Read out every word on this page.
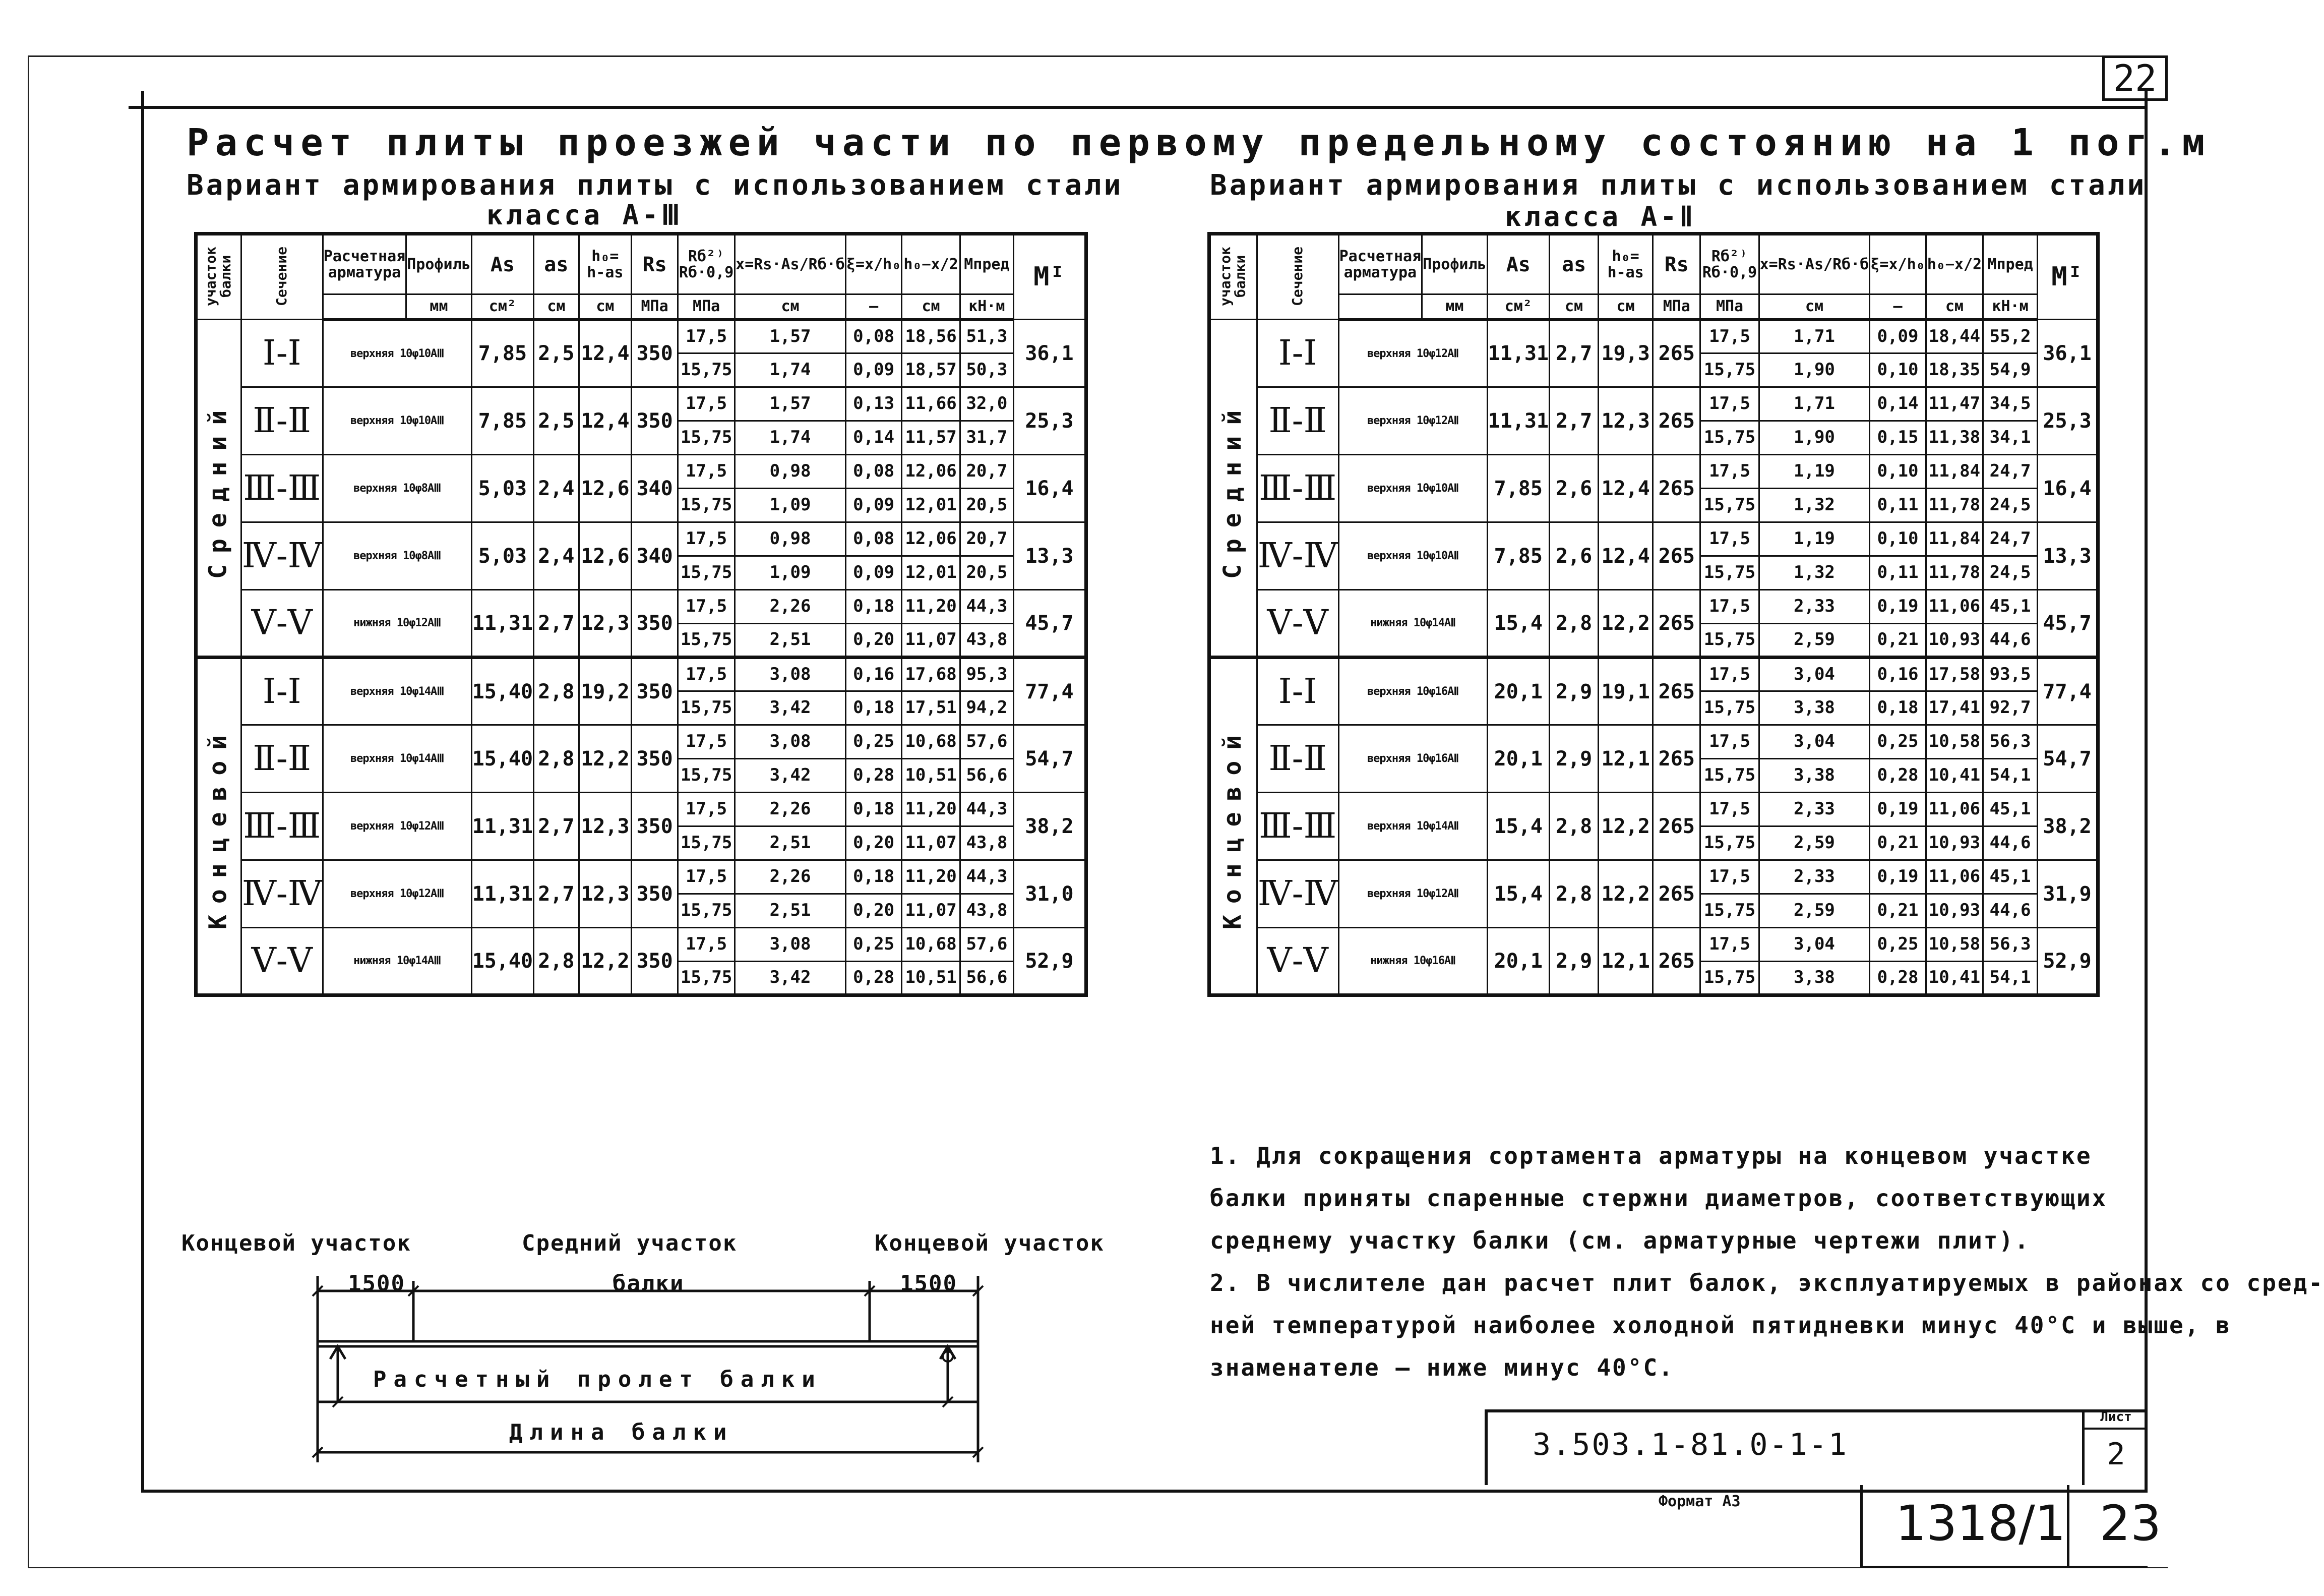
22
Расчет плиты проезжей части по первому предельному состоянию на 1 пог.м
Вариант армирования плиты с использованием стали
класса А-Ⅲ
Вариант армирования плиты с использованием стали
класса А-Ⅱ
участок балки	Сечение	Расчетная арматура	Профиль	As	as	h₀= h-as	Rs	Rб²⁾ Rб·0,9	x=Rs·As/Rб·б	ξ=x/h₀	h₀−x/2	Mпред	Mᴵ
			мм	см²	см	см	МПа	МПа	см	—	см	кН·м	
Средний	Ⅰ-Ⅰ	верхняя 10φ10АⅢ		7,85	2,5	12,4	350	17,5	1,57	0,08	18,56	51,3	36,1
								15,75	1,74	0,09	18,57	50,3	
	Ⅱ-Ⅱ	верхняя 10φ10АⅢ		7,85	2,5	12,4	350	17,5	1,57	0,13	11,66	32,0	25,3
								15,75	1,74	0,14	11,57	31,7	
	Ⅲ-Ⅲ	верхняя 10φ8АⅢ		5,03	2,4	12,6	340	17,5	0,98	0,08	12,06	20,7	16,4
								15,75	1,09	0,09	12,01	20,5	
	Ⅳ-Ⅳ	верхняя 10φ8АⅢ		5,03	2,4	12,6	340	17,5	0,98	0,08	12,06	20,7	13,3
								15,75	1,09	0,09	12,01	20,5	
	Ⅴ-Ⅴ	нижняя 10φ12АⅢ		11,31	2,7	12,3	350	17,5	2,26	0,18	11,20	44,3	45,7
								15,75	2,51	0,20	11,07	43,8	
Концевой	Ⅰ-Ⅰ	верхняя 10φ14АⅢ		15,40	2,8	19,2	350	17,5	3,08	0,16	17,68	95,3	77,4
								15,75	3,42	0,18	17,51	94,2	
	Ⅱ-Ⅱ	верхняя 10φ14АⅢ		15,40	2,8	12,2	350	17,5	3,08	0,25	10,68	57,6	54,7
								15,75	3,42	0,28	10,51	56,6	
	Ⅲ-Ⅲ	верхняя 10φ12АⅢ		11,31	2,7	12,3	350	17,5	2,26	0,18	11,20	44,3	38,2
								15,75	2,51	0,20	11,07	43,8	
	Ⅳ-Ⅳ	верхняя 10φ12АⅢ		11,31	2,7	12,3	350	17,5	2,26	0,18	11,20	44,3	31,0
								15,75	2,51	0,20	11,07	43,8	
	Ⅴ-Ⅴ	нижняя 10φ14АⅢ		15,40	2,8	12,2	350	17,5	3,08	0,25	10,68	57,6	52,9
								15,75	3,42	0,28	10,51	56,6	
участок балки	Сечение	Расчетная арматура	Профиль	As	as	h₀= h-as	Rs	Rб²⁾ Rб·0,9	x=Rs·As/Rб·б	ξ=x/h₀	h₀−x/2	Mпред	Mᴵ
			мм	см²	см	см	МПа	МПа	см	—	см	кН·м	
Средний	Ⅰ-Ⅰ	верхняя 10φ12АⅡ		11,31	2,7	19,3	265	17,5	1,71	0,09	18,44	55,2	36,1
								15,75	1,90	0,10	18,35	54,9	
	Ⅱ-Ⅱ	верхняя 10φ12АⅡ		11,31	2,7	12,3	265	17,5	1,71	0,14	11,47	34,5	25,3
								15,75	1,90	0,15	11,38	34,1	
	Ⅲ-Ⅲ	верхняя 10φ10АⅡ		7,85	2,6	12,4	265	17,5	1,19	0,10	11,84	24,7	16,4
								15,75	1,32	0,11	11,78	24,5	
	Ⅳ-Ⅳ	верхняя 10φ10АⅡ		7,85	2,6	12,4	265	17,5	1,19	0,10	11,84	24,7	13,3
								15,75	1,32	0,11	11,78	24,5	
	Ⅴ-Ⅴ	нижняя 10φ14АⅡ		15,4	2,8	12,2	265	17,5	2,33	0,19	11,06	45,1	45,7
								15,75	2,59	0,21	10,93	44,6	
Концевой	Ⅰ-Ⅰ	верхняя 10φ16АⅡ		20,1	2,9	19,1	265	17,5	3,04	0,16	17,58	93,5	77,4
								15,75	3,38	0,18	17,41	92,7	
	Ⅱ-Ⅱ	верхняя 10φ16АⅡ		20,1	2,9	12,1	265	17,5	3,04	0,25	10,58	56,3	54,7
								15,75	3,38	0,28	10,41	54,1	
	Ⅲ-Ⅲ	верхняя 10φ14АⅡ		15,4	2,8	12,2	265	17,5	2,33	0,19	11,06	45,1	38,2
								15,75	2,59	0,21	10,93	44,6	
	Ⅳ-Ⅳ	верхняя 10φ12АⅡ		15,4	2,8	12,2	265	17,5	2,33	0,19	11,06	45,1	31,9
								15,75	2,59	0,21	10,93	44,6	
	Ⅴ-Ⅴ	нижняя 10φ16АⅡ		20,1	2,9	12,1	265	17,5	3,04	0,25	10,58	56,3	52,9
								15,75	3,38	0,28	10,41	54,1	
Концевой участок	Средний участок	Концевой участок
1500	балки	1500
Расчетный пролет балки
Длина балки

1. Для сокращения сортамента арматуры на концевом участке

балки приняты спаренные стержни диаметров, соответствующих

среднему участку балки (см. арматурные чертежи плит).

2. В числителе дан расчет плит балок, эксплуатируемых в районах со сред-

ней температурой наиболее холодной пятидневки минус 40°С и выше, в

знаменателе — ниже минус 40°С.

3.503.1-81.0-1-1
Лист
2
Формат А3	1318/1 23
